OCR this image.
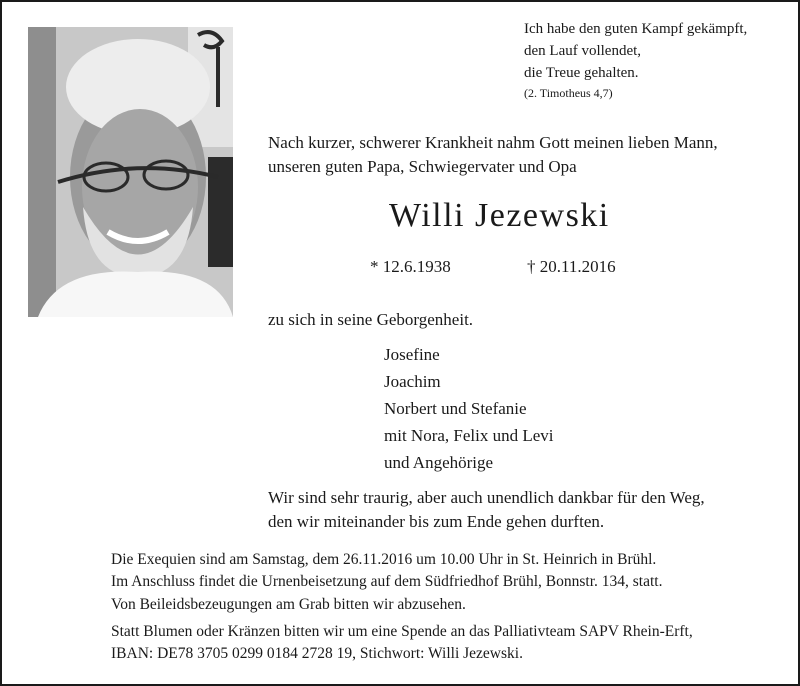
Ich habe den guten Kampf gekämpft,
den Lauf vollendet,
die Treue gehalten.
(2. Timotheus 4,7)
Nach kurzer, schwerer Krankheit nahm Gott meinen lieben Mann,
unseren guten Papa, Schwiegervater und Opa
Willi Jezewski
* 12.6.1938	† 20.11.2016
zu sich in seine Geborgenheit.
Josefine
Joachim
Norbert und Stefanie
mit Nora, Felix und Levi
und Angehörige
Wir sind sehr traurig, aber auch unendlich dankbar für den Weg,
den wir miteinander bis zum Ende gehen durften.
Die Exequien sind am Samstag, dem 26.11.2016 um 10.00 Uhr in St. Heinrich in Brühl.
Im Anschluss findet die Urnenbeisetzung auf dem Südfriedhof Brühl, Bonnstr. 134, statt.
Von Beileidsbezeugungen am Grab bitten wir abzusehen.
Statt Blumen oder Kränzen bitten wir um eine Spende an das Palliativteam SAPV Rhein-Erft,
IBAN: DE78 3705 0299 0184 2728 19, Stichwort: Willi Jezewski.
